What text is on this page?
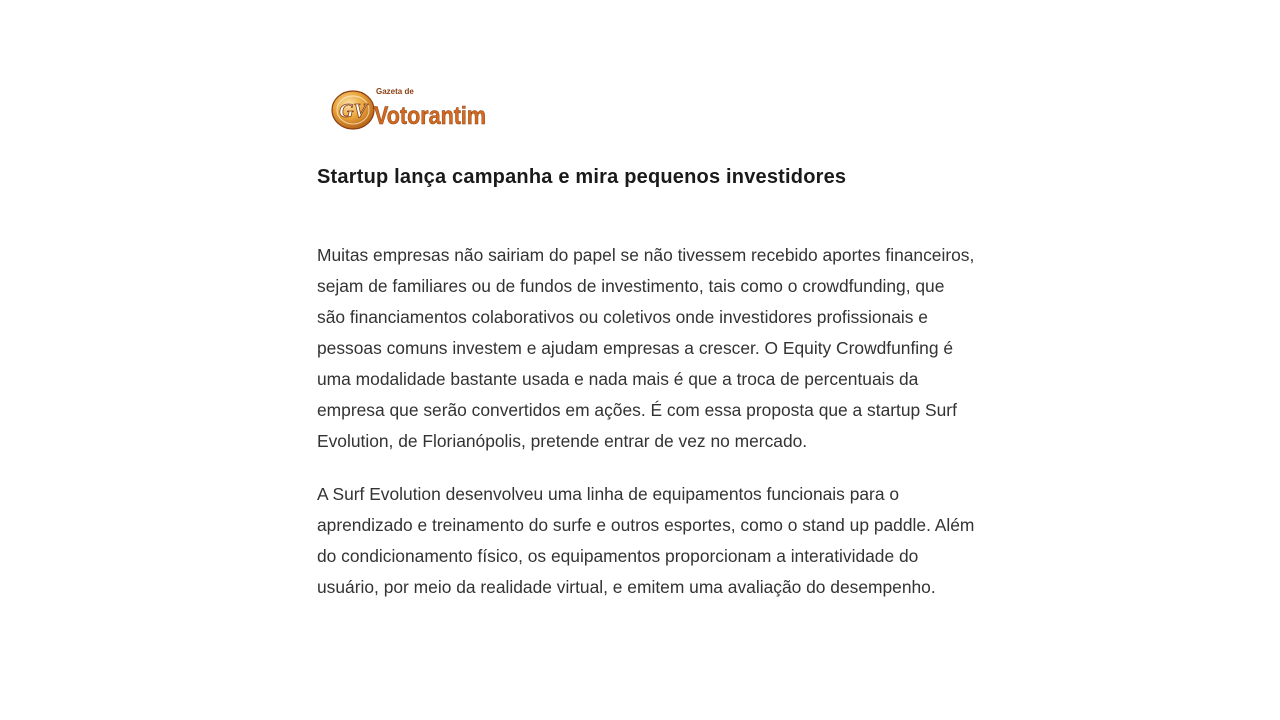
GV
Gazeta de
Votorantim
Startup lança campanha e mira pequenos investidores

Muitas empresas não sairiam do papel se não tivessem recebido aportes financeiros, sejam de familiares ou de fundos de investimento, tais como o crowdfunding, que são financiamentos colaborativos ou coletivos onde investidores profissionais e pessoas comuns investem e ajudam empresas a crescer. O Equity Crowdfunfing é uma modalidade bastante usada e nada mais é que a troca de percentuais da empresa que serão convertidos em ações. É com essa proposta que a startup Surf Evolution, de Florianópolis, pretende entrar de vez no mercado.

A Surf Evolution desenvolveu uma linha de equipamentos funcionais para o aprendizado e treinamento do surfe e outros esportes, como o stand up paddle. Além do condicionamento físico, os equipamentos proporcionam a interatividade do usuário, por meio da realidade virtual, e emitem uma avaliação do desempenho.
